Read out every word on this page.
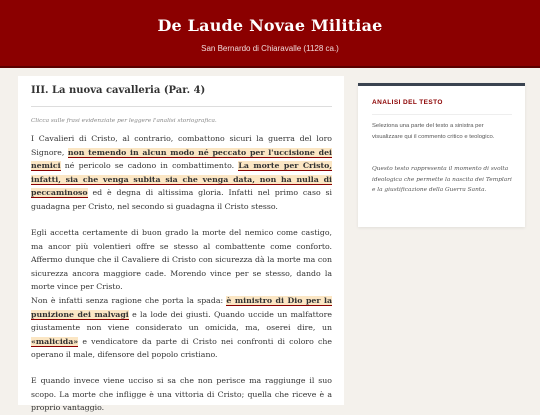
De Laude Novae Militiae
San Bernardo di Chiaravalle (1128 ca.)
III. La nuova cavalleria (Par. 4)
Clicca sulle frasi evidenziate per leggere l'analisi storiografica.
I Cavalieri di Cristo, al contrario, combattono sicuri la guerra del loro Signore, non temendo in alcun modo né peccato per l'uccisione dei nemici né pericolo se cadono in combattimento. La morte per Cristo, infatti, sia che venga subita sia che venga data, non ha nulla di peccaminoso ed è degna di altissima gloria. Infatti nel primo caso si guadagna per Cristo, nel secondo si guadagna il Cristo stesso.
Egli accetta certamente di buon grado la morte del nemico come castigo, ma ancor più volentieri offre se stesso al combattente come conforto. Affermo dunque che il Cavaliere di Cristo con sicurezza dà la morte ma con sicurezza ancora maggiore cade. Morendo vince per se stesso, dando la morte vince per Cristo.
Non è infatti senza ragione che porta la spada: è ministro di Dio per la punizione dei malvagi e la lode dei giusti. Quando uccide un malfattore giustamente non viene considerato un omicida, ma, oserei dire, un «malicida» e vendicatore da parte di Cristo nei confronti di coloro che operano il male, difensore del popolo cristiano.
E quando invece viene ucciso si sa che non perisce ma raggiunge il suo scopo. La morte che infligge è una vittoria di Cristo; quella che riceve è a proprio vantaggio.
ANALISI DEL TESTO
Seleziona una parte del testo a sinistra per visualizzare qui il commento critico e teologico.
Questo testo rappresenta il momento di svolta ideologica che permette la nascita dei Templari e la giustificazione della Guerra Santa.
